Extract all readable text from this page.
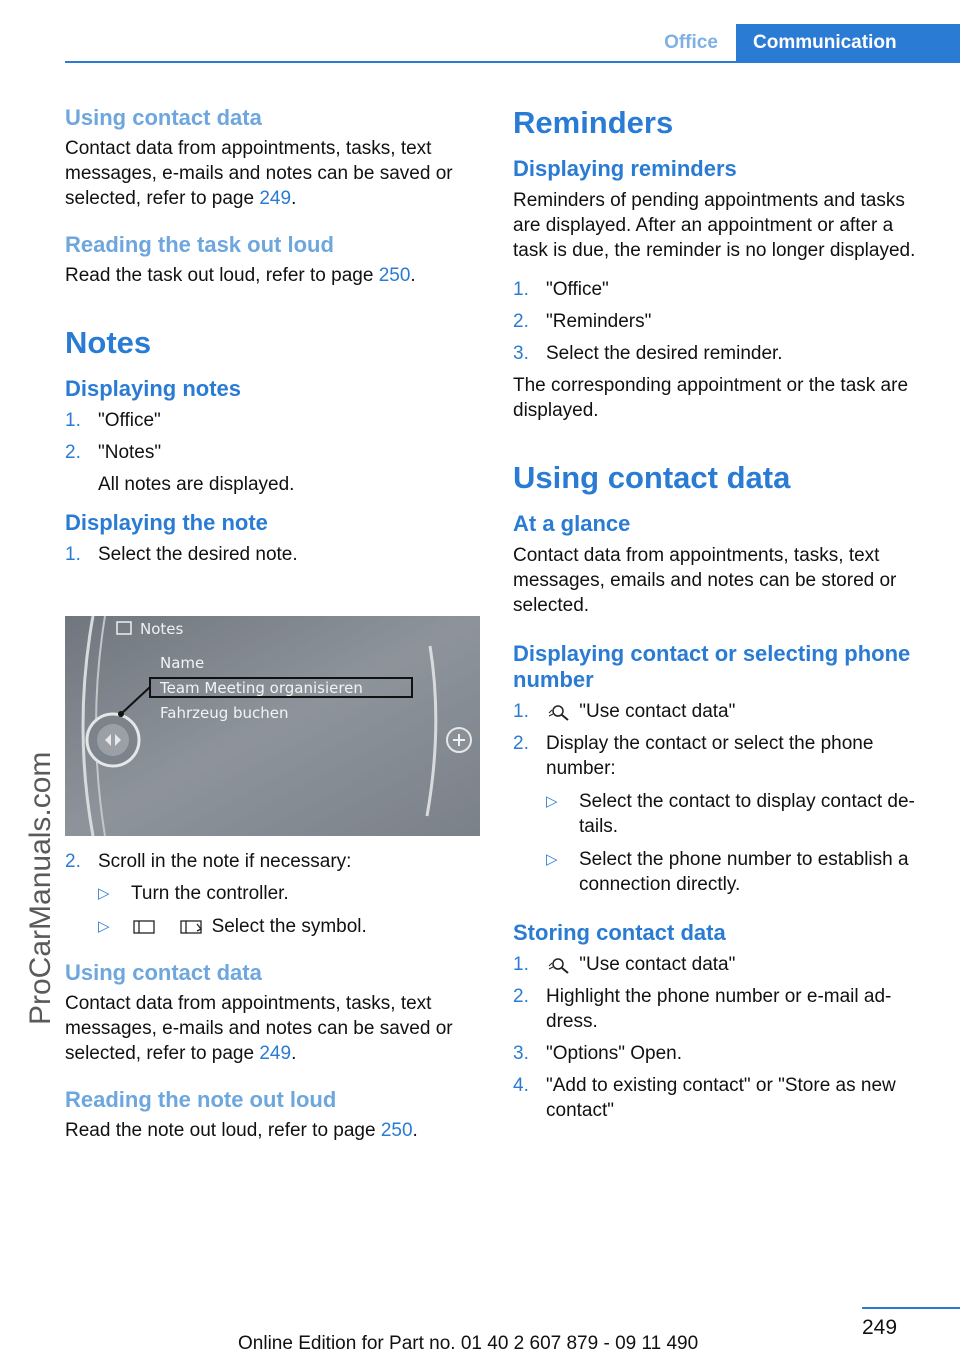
Office	Communication
ProCarManuals.com
Using contact data

Contact data from appointments, tasks, text messages, e-mails and notes can be saved or selected, refer to page 249.

Reading the task out loud

Read the task out loud, refer to page 250.

Notes
Displaying notes
1. "Office"
2. "Notes"
All notes are displayed.
Displaying the note
1. Select the desired note.
Notes
Name
Team Meeting organisieren
Fahrzeug buchen
2. Scroll in the note if necessary:
▷	Turn the controller.
▷	Select the symbol.
Using contact data

Contact data from appointments, tasks, text messages, e-mails and notes can be saved or selected, refer to page 249.

Reading the note out loud

Read the note out loud, refer to page 250.

Reminders
Displaying reminders

Reminders of pending appointments and tasks are displayed. After an appointment or after a task is due, the reminder is no longer displayed.

1. "Office"
2. "Reminders"
3. Select the desired reminder.

The corresponding appointment or the task are displayed.

Using contact data
At a glance

Contact data from appointments, tasks, text messages, emails and notes can be stored or selected.

Displaying contact or selecting phone number
1.	"Use contact data"
2. Display the contact or select the phone number:
▷	Select the contact to display contact de-tails.
▷	Select the phone number to establish a connection directly.
Storing contact data
1.	"Use contact data"
2. Highlight the phone number or e-mail ad-dress.
3. "Options" Open.
4. "Add to existing contact" or "Store as new contact"
249
Online Edition for Part no. 01 40 2 607 879 - 09 11 490
